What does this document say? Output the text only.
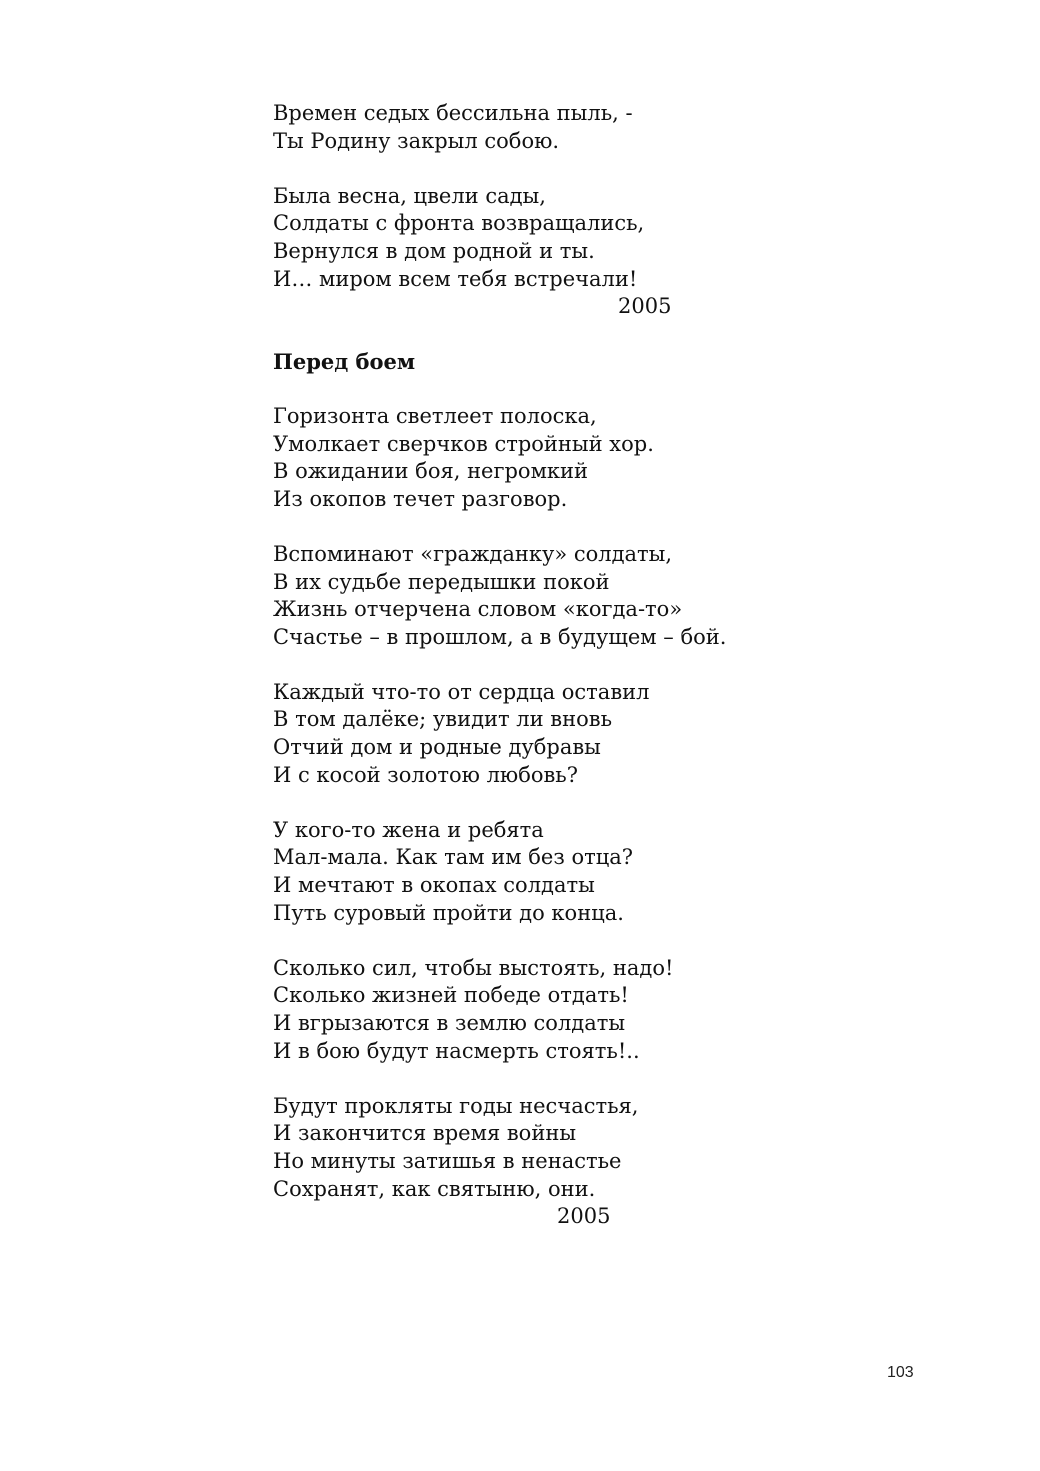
Времен седых бессильна пыль, -
Ты Родину закрыл собою.
Была весна, цвели сады,
Солдаты с фронта возвращались,
Вернулся в дом родной и ты.
И… миром всем тебя встречали!
2005
Перед боем
Горизонта светлеет полоска,
Умолкает сверчков стройный хор.
В ожидании боя, негромкий
Из окопов течет разговор.
Вспоминают «гражданку» солдаты,
В их судьбе передышки покой
Жизнь отчерчена словом «когда-то»
Счастье – в прошлом, а в будущем – бой.
Каждый что-то от сердца оставил
В том далёке; увидит ли вновь
Отчий дом и родные дубравы
И с косой золотою любовь?
У кого-то жена и ребята
Мал-мала. Как там им без отца?
И мечтают в окопах солдаты
Путь суровый пройти до конца.
Сколько сил, чтобы выстоять, надо!
Сколько жизней победе отдать!
И вгрызаются в землю солдаты
И в бою будут насмерть стоять!..
Будут прокляты годы несчастья,
И закончится время войны
Но минуты затишья в ненастье
Сохранят, как святыню, они.
2005
103
